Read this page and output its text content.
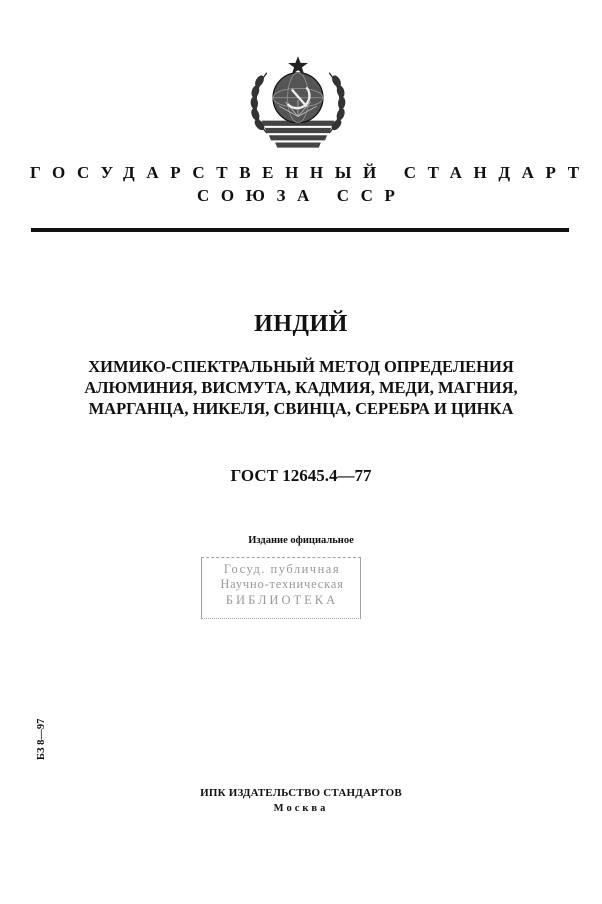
ГОСУДАРСТВЕННЫЙ СТАНДАРТ
СОЮЗА ССР
ИНДИЙ
ХИМИКО-СПЕКТРАЛЬНЫЙ МЕТОД ОПРЕДЕЛЕНИЯ
АЛЮМИНИЯ, ВИСМУТА, КАДМИЯ, МЕДИ, МАГНИЯ,
МАРГАНЦА, НИКЕЛЯ, СВИНЦА, СЕРЕБРА И ЦИНКА
ГОСТ 12645.4—77
Издание официальное
Госуд. публичная
Научно-техническая
БИБЛИОТЕКА
БЗ 8—97
ИПК ИЗДАТЕЛЬСТВО СТАНДАРТОВ
Москва
